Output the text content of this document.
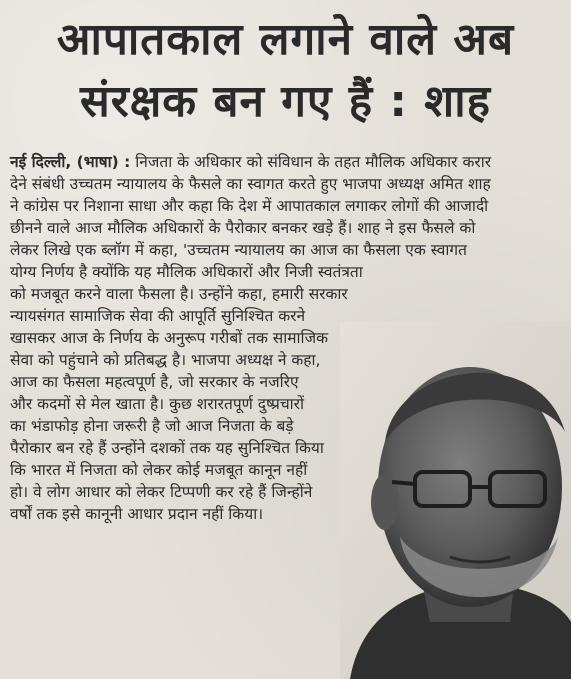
आपातकाल लगाने वाले अब
संरक्षक बन गए हैं : शाह
नई दिल्ली, (भाषा) : निजता के अधिकार को संविधान के तहत मौलिक अधिकार करार
देने संबंधी उच्चतम न्यायालय के फैसले का स्वागत करते हुए भाजपा अध्यक्ष अमित शाह
ने कांग्रेस पर निशाना साधा और कहा कि देश में आपातकाल लगाकर लोगों की आजादी
छीनने वाले आज मौलिक अधिकारों के पैरोकार बनकर खड़े हैं। शाह ने इस फैसले को
लेकर लिखे एक ब्लॉग में कहा, 'उच्चतम न्यायालय का आज का फैसला एक स्वागत
योग्य निर्णय है क्योंकि यह मौलिक अधिकारों और निजी स्वतंत्रता
को मजबूत करने वाला फैसला है। उन्होंने कहा, हमारी सरकार
न्यायसंगत सामाजिक सेवा की आपूर्ति सुनिश्चित करने
खासकर आज के निर्णय के अनुरूप गरीबों तक सामाजिक
सेवा को पहुंचाने को प्रतिबद्ध है। भाजपा अध्यक्ष ने कहा,
आज का फैसला महत्वपूर्ण है, जो सरकार के नजरिए
और कदमों से मेल खाता है। कुछ शरारतपूर्ण दुष्प्रचारों
का भंडाफोड़ होना जरूरी है जो आज निजता के बड़े
पैरोकार बन रहे हैं उन्होंने दशकों तक यह सुनिश्चित किया
कि भारत में निजता को लेकर कोई मजबूत कानून नहीं
हो। वे लोग आधार को लेकर टिप्पणी कर रहे हैं जिन्होंने
वर्षों तक इसे कानूनी आधार प्रदान नहीं किया।
